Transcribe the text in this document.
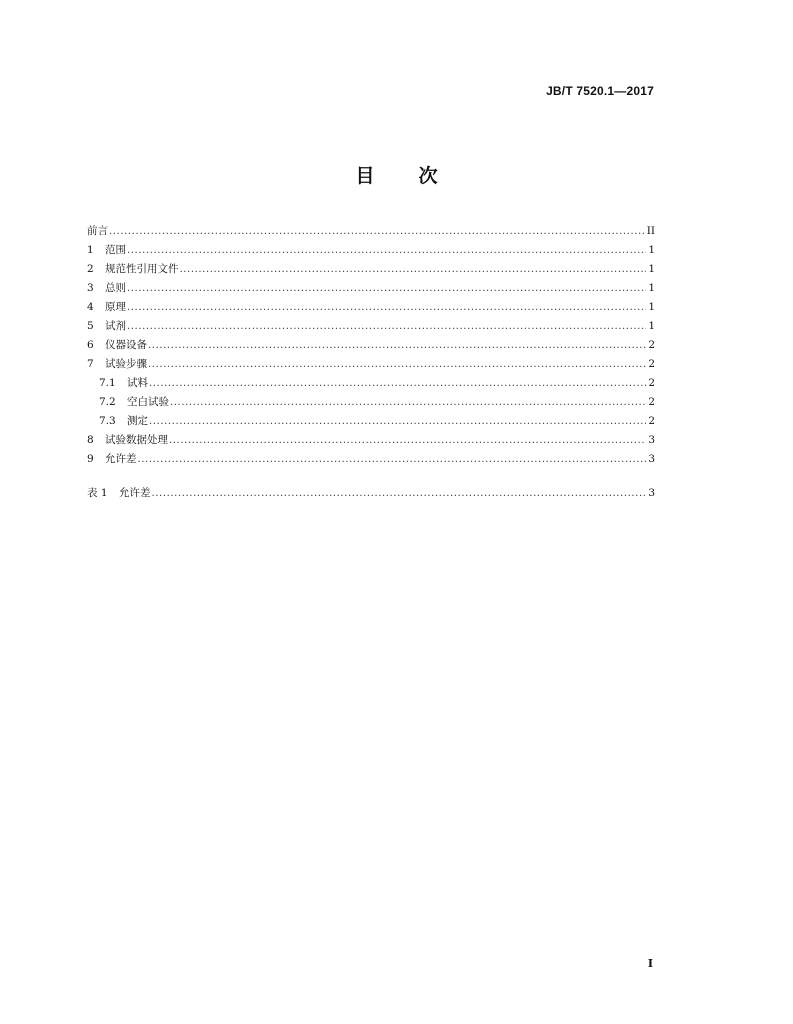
JB/T 7520.1—2017
目 次
前言 .....	II
1	范围 .....	1
2	规范性引用文件 .....	1
3	总则 .....	1
4	原理 .....	1
5	试剂 .....	1
6	仪器设备 .....	2
7	试验步骤 .....	2
7.1	试料 .....	2
7.2	空白试验 .....	2
7.3	测定 .....	2
8	试验数据处理 .....	3
9	允许差 .....	3
表 1	允许差 .....	3
I
